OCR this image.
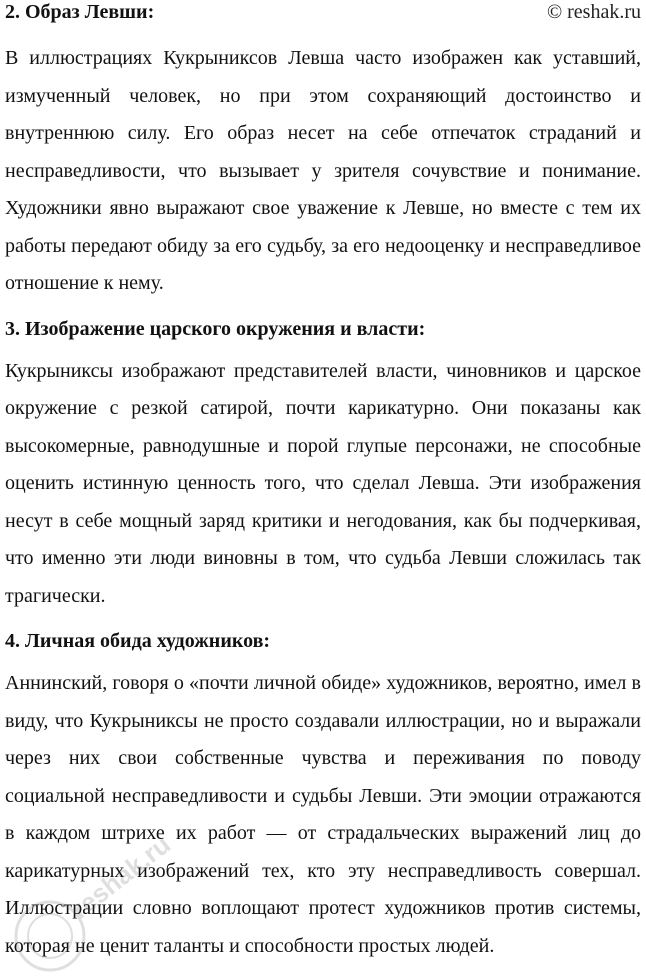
2. Образ Левши:	© reshak.ru

В иллюстрациях Кукрыниксов Левша часто изображен как уставший, измученный человек, но при этом сохраняющий достоинство и внутреннюю силу. Его образ несет на себе отпечаток страданий и несправедливости, что вызывает у зрителя сочувствие и понимание. Художники явно выражают свое уважение к Левше, но вместе с тем их работы передают обиду за его судьбу, за его недооценку и несправедливое отношение к нему.

3. Изображение царского окружения и власти:

Кукрыниксы изображают представителей власти, чиновников и царское окружение с резкой сатирой, почти карикатурно. Они показаны как высокомерные, равнодушные и порой глупые персонажи, не способные оценить истинную ценность того, что сделал Левша. Эти изображения несут в себе мощный заряд критики и негодования, как бы подчеркивая, что именно эти люди виновны в том, что судьба Левши сложилась так трагически.

4. Личная обида художников:

Аннинский, говоря о «почти личной обиде» художников, вероятно, имел в виду, что Кукрыниксы не просто создавали иллюстрации, но и выражали через них свои собственные чувства и переживания по поводу социальной несправедливости и судьбы Левши. Эти эмоции отражаются в каждом штрихе их работ — от страдальческих выражений лиц до карикатурных изображений тех, кто эту несправедливость совершал. Иллюстрации словно воплощают протест художников против системы, которая не ценит таланты и способности простых людей.

reshak.ru
